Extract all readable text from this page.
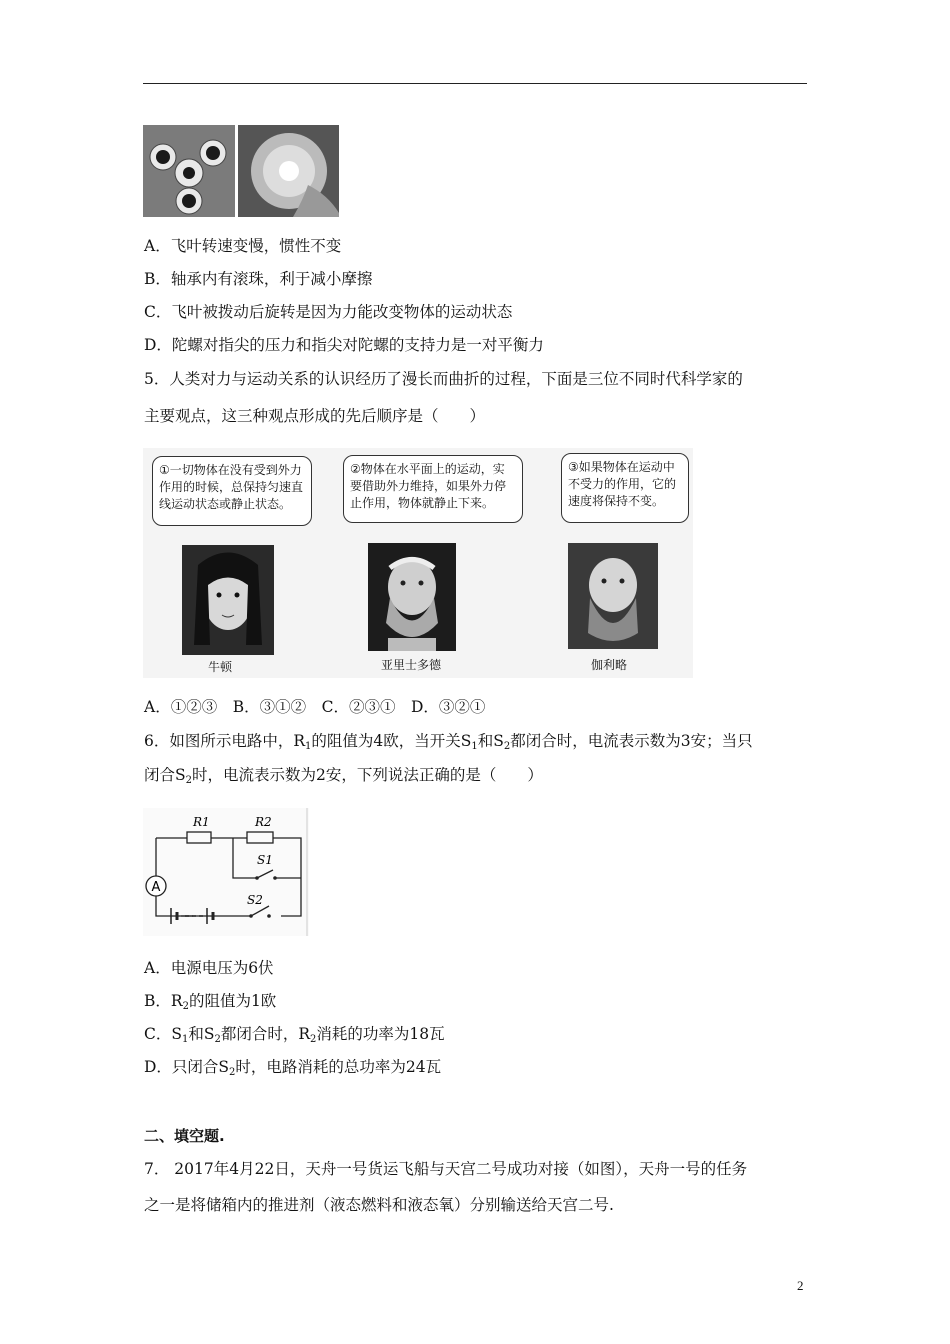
A．飞叶转速变慢，惯性不变
B．轴承内有滚珠，利于减小摩擦
C．飞叶被拨动后旋转是因为力能改变物体的运动状态
D．陀螺对指尖的压力和指尖对陀螺的支持力是一对平衡力
5．人类对力与运动关系的认识经历了漫长而曲折的过程，下面是三位不同时代科学家的
主要观点，这三种观点形成的先后顺序是（　　）
①一切物体在没有受到外力
作用的时候，总保持匀速直
线运动状态或静止状态。
②物体在水平面上的运动，实
要借助外力维持，如果外力停
止作用，物体就静止下来。
③如果物体在运动中
不受力的作用，它的
速度将保持不变。
牛顿	亚里士多德	伽利略
A．①②③　B．③①②　C．②③①　D．③②①
6．如图所示电路中，$R_1$的阻值为4欧，当开关$S_1$和$S_2$都闭合时，电流表示数为3安；当只
闭合$S_2$时，电流表示数为2安，下列说法正确的是（　　）
A
R1	R2
S1
S2
A．电源电压为6伏
B．$R_2$的阻值为1欧
C．$S_1$和$S_2$都闭合时，$R_2$消耗的功率为18瓦
D．只闭合$S_2$时，电路消耗的总功率为24瓦
二、填空题.
7． 2017年4月22日，天舟一号货运飞船与天宫二号成功对接（如图），天舟一号的任务
之一是将储箱内的推进剂（液态燃料和液态氧）分别输送给天宫二号.
2
